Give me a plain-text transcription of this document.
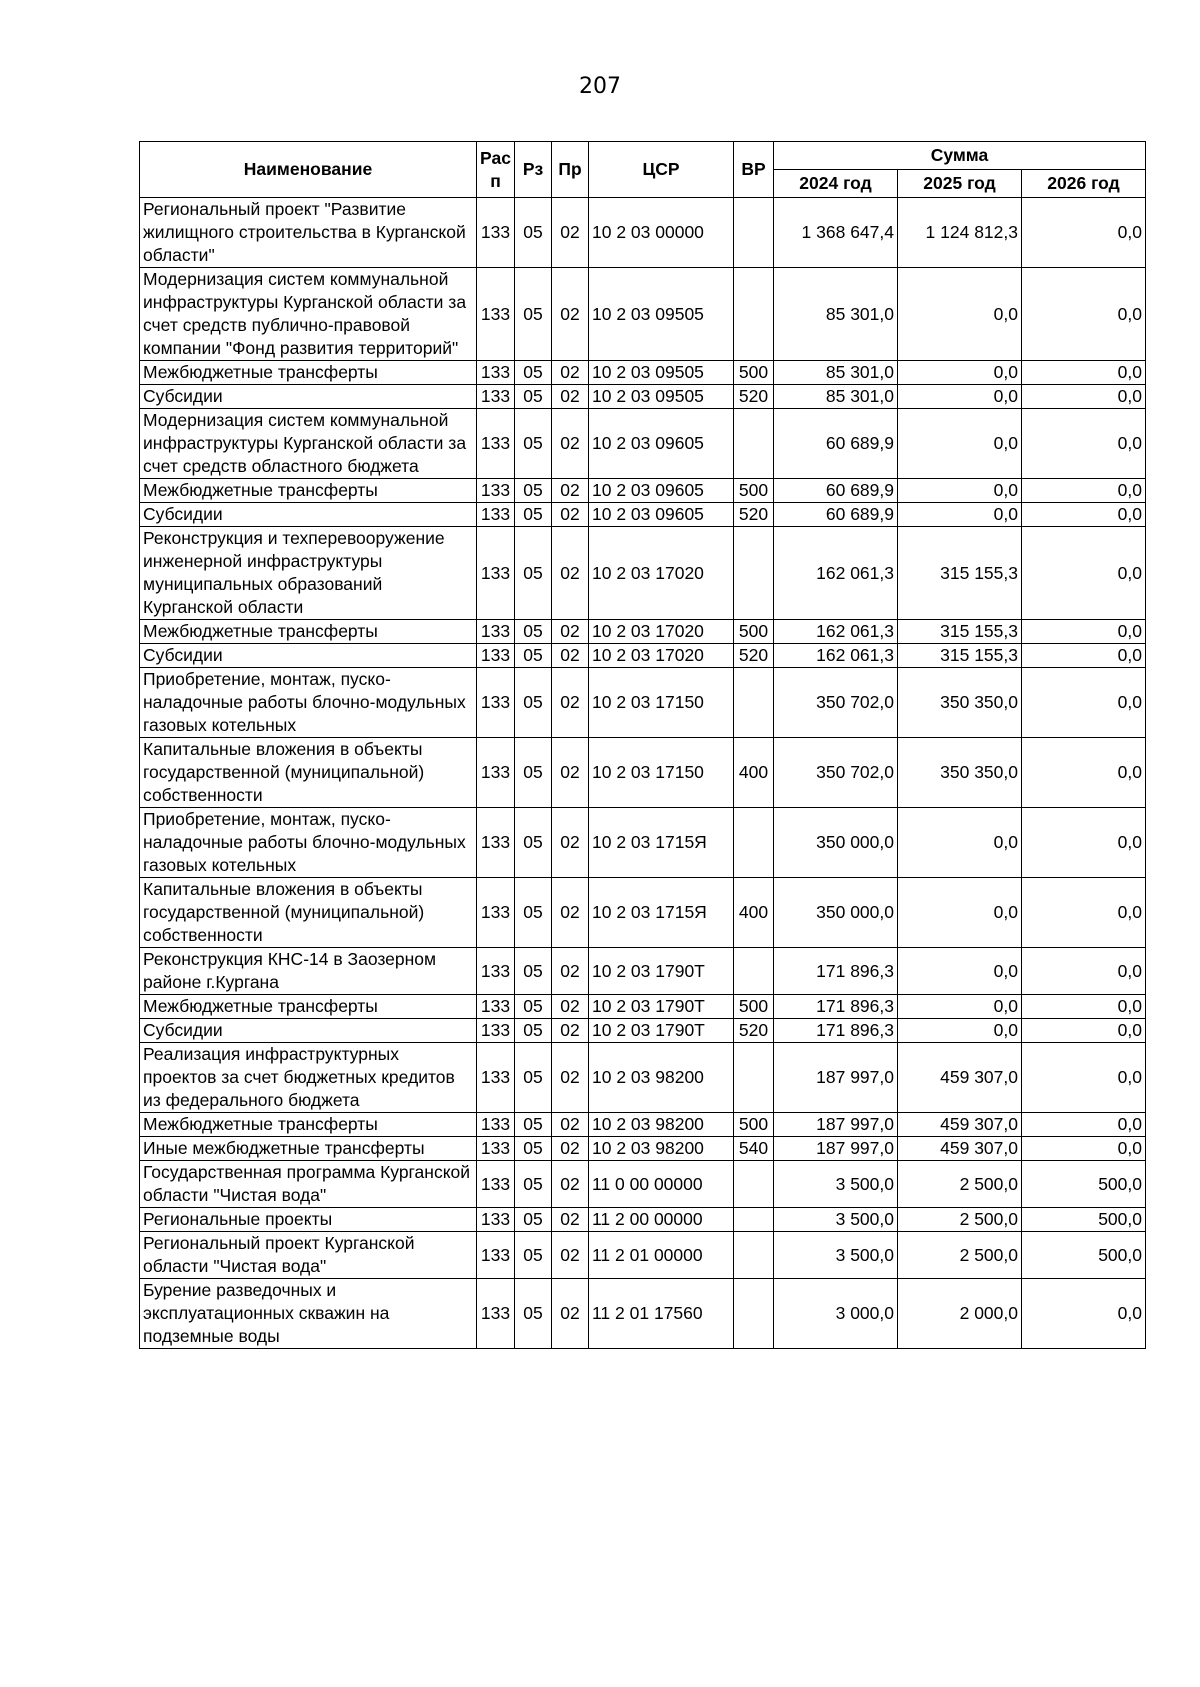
207
Наименование	Рас п	Рз	Пр	ЦСР	ВР	Сумма		
						2024 год	2025 год	2026 год
Региональный проект "Развитие жилищного строительства в Курганской области"	133	05	02	10 2 03 00000		1 368 647,4	1 124 812,3	0,0
Модернизация систем коммунальной инфраструктуры Курганской области за счет средств публично-правовой компании "Фонд развития территорий"	133	05	02	10 2 03 09505		85 301,0	0,0	0,0
Межбюджетные трансферты	133	05	02	10 2 03 09505	500	85 301,0	0,0	0,0
Субсидии	133	05	02	10 2 03 09505	520	85 301,0	0,0	0,0
Модернизация систем коммунальной инфраструктуры Курганской области за счет средств областного бюджета	133	05	02	10 2 03 09605		60 689,9	0,0	0,0
Межбюджетные трансферты	133	05	02	10 2 03 09605	500	60 689,9	0,0	0,0
Субсидии	133	05	02	10 2 03 09605	520	60 689,9	0,0	0,0
Реконструкция и техперевооружение инженерной инфраструктуры муниципальных образований Курганской области	133	05	02	10 2 03 17020		162 061,3	315 155,3	0,0
Межбюджетные трансферты	133	05	02	10 2 03 17020	500	162 061,3	315 155,3	0,0
Субсидии	133	05	02	10 2 03 17020	520	162 061,3	315 155,3	0,0
Приобретение, монтаж, пуско-наладочные работы блочно-модульных газовых котельных	133	05	02	10 2 03 17150		350 702,0	350 350,0	0,0
Капитальные вложения в объекты государственной (муниципальной) собственности	133	05	02	10 2 03 17150	400	350 702,0	350 350,0	0,0
Приобретение, монтаж, пуско-наладочные работы блочно-модульных газовых котельных	133	05	02	10 2 03 1715Я		350 000,0	0,0	0,0
Капитальные вложения в объекты государственной (муниципальной) собственности	133	05	02	10 2 03 1715Я	400	350 000,0	0,0	0,0
Реконструкция КНС-14 в Заозерном районе г.Кургана	133	05	02	10 2 03 1790Т		171 896,3	0,0	0,0
Межбюджетные трансферты	133	05	02	10 2 03 1790Т	500	171 896,3	0,0	0,0
Субсидии	133	05	02	10 2 03 1790Т	520	171 896,3	0,0	0,0
Реализация инфраструктурных проектов за счет бюджетных кредитов из федерального бюджета	133	05	02	10 2 03 98200		187 997,0	459 307,0	0,0
Межбюджетные трансферты	133	05	02	10 2 03 98200	500	187 997,0	459 307,0	0,0
Иные межбюджетные трансферты	133	05	02	10 2 03 98200	540	187 997,0	459 307,0	0,0
Государственная программа Курганской области "Чистая вода"	133	05	02	11 0 00 00000		3 500,0	2 500,0	500,0
Региональные проекты	133	05	02	11 2 00 00000		3 500,0	2 500,0	500,0
Региональный проект Курганской области "Чистая вода"	133	05	02	11 2 01 00000		3 500,0	2 500,0	500,0
Бурение разведочных и эксплуатационных скважин на подземные воды	133	05	02	11 2 01 17560		3 000,0	2 000,0	0,0
